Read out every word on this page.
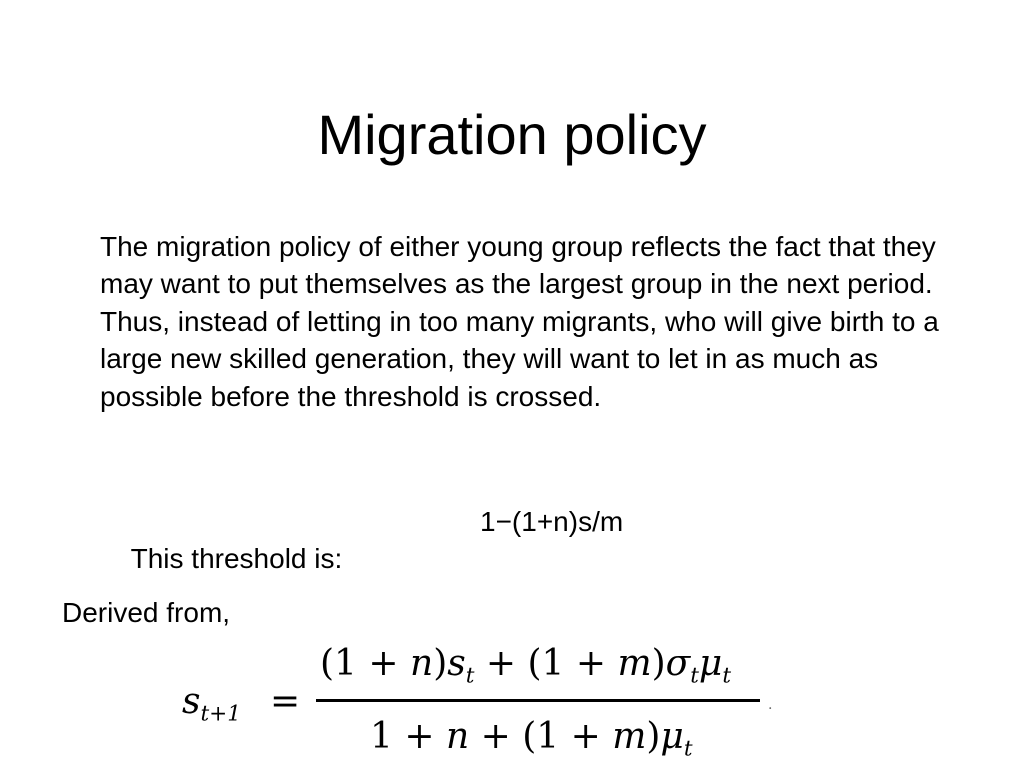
Migration policy

The migration policy of either young group reflects the fact that they may want to put themselves as the largest group in the next period. Thus, instead of letting in too many migrants, who will give birth to a large new skilled generation, they will want to let in as much as possible before the threshold is crossed.

This threshold is:

1−(1+n)s/m

Derived from,
$s_{t+1}$ =
$(1 + n)s_t + (1 + m)\sigma_t\mu_t$
$1 + n + (1 + m)\mu_t$
.
